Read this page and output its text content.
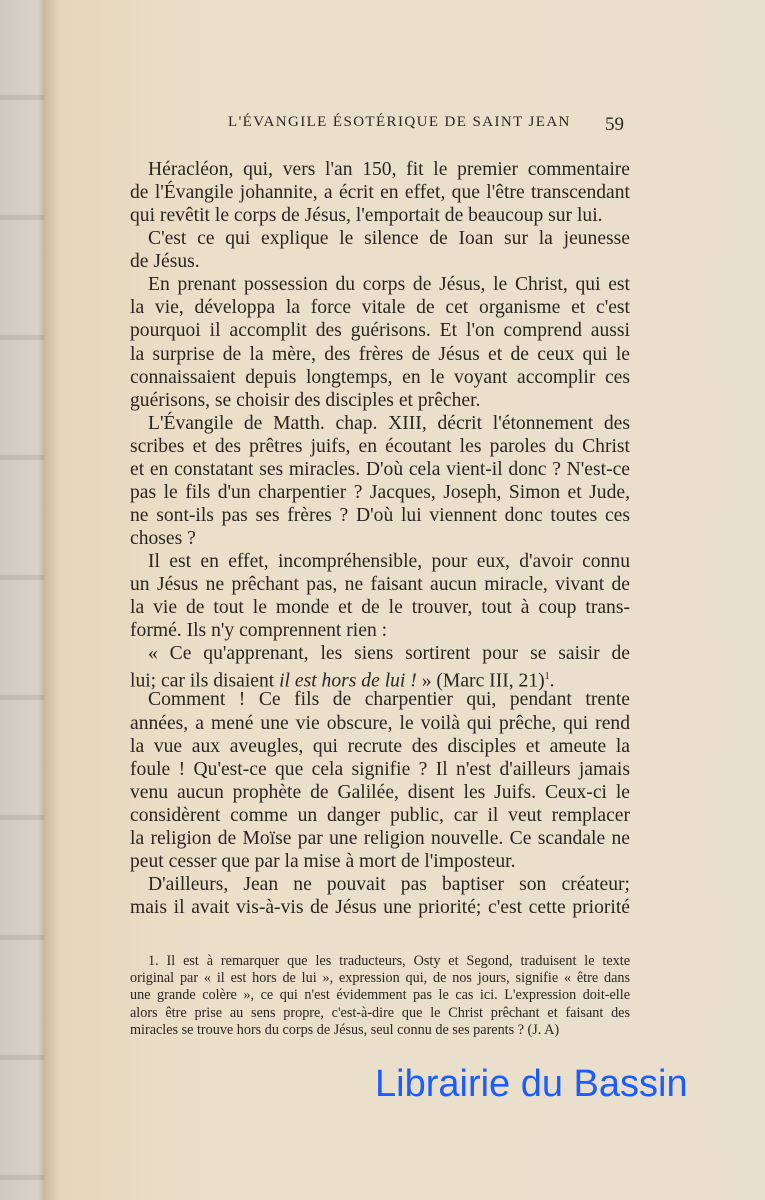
L'ÉVANGILE ÉSOTÉRIQUE DE SAINT JEAN 59
Héracléon, qui, vers l'an 150, fit le premier commentaire
de l'Évangile johannite, a écrit en effet, que l'être transcendant
qui revêtit le corps de Jésus, l'emportait de beaucoup sur lui.
C'est ce qui explique le silence de Ioan sur la jeunesse
de Jésus.
En prenant possession du corps de Jésus, le Christ, qui est
la vie, développa la force vitale de cet organisme et c'est
pourquoi il accomplit des guérisons. Et l'on comprend aussi
la surprise de la mère, des frères de Jésus et de ceux qui le
connaissaient depuis longtemps, en le voyant accomplir ces
guérisons, se choisir des disciples et prêcher.
L'Évangile de Matth. chap. XIII, décrit l'étonnement des
scribes et des prêtres juifs, en écoutant les paroles du Christ
et en constatant ses miracles. D'où cela vient-il donc ? N'est-ce
pas le fils d'un charpentier ? Jacques, Joseph, Simon et Jude,
ne sont-ils pas ses frères ? D'où lui viennent donc toutes ces
choses ?
Il est en effet, incompréhensible, pour eux, d'avoir connu
un Jésus ne prêchant pas, ne faisant aucun miracle, vivant de
la vie de tout le monde et de le trouver, tout à coup trans-
formé. Ils n'y comprennent rien :
« Ce qu'apprenant, les siens sortirent pour se saisir de
lui; car ils disaient il est hors de lui ! » (Marc III, 21)$^1$.
Comment ! Ce fils de charpentier qui, pendant trente
années, a mené une vie obscure, le voilà qui prêche, qui rend
la vue aux aveugles, qui recrute des disciples et ameute la
foule ! Qu'est-ce que cela signifie ? Il n'est d'ailleurs jamais
venu aucun prophète de Galilée, disent les Juifs. Ceux-ci le
considèrent comme un danger public, car il veut remplacer
la religion de Moïse par une religion nouvelle. Ce scandale ne
peut cesser que par la mise à mort de l'imposteur.
D'ailleurs, Jean ne pouvait pas baptiser son créateur;
mais il avait vis-à-vis de Jésus une priorité; c'est cette priorité
1. Il est à remarquer que les traducteurs, Osty et Segond, traduisent le texte
original par « il est hors de lui », expression qui, de nos jours, signifie « être dans
une grande colère », ce qui n'est évidemment pas le cas ici. L'expression doit-elle
alors être prise au sens propre, c'est-à-dire que le Christ prêchant et faisant des
miracles se trouve hors du corps de Jésus, seul connu de ses parents ? (J. A)
Librairie du Bassin
